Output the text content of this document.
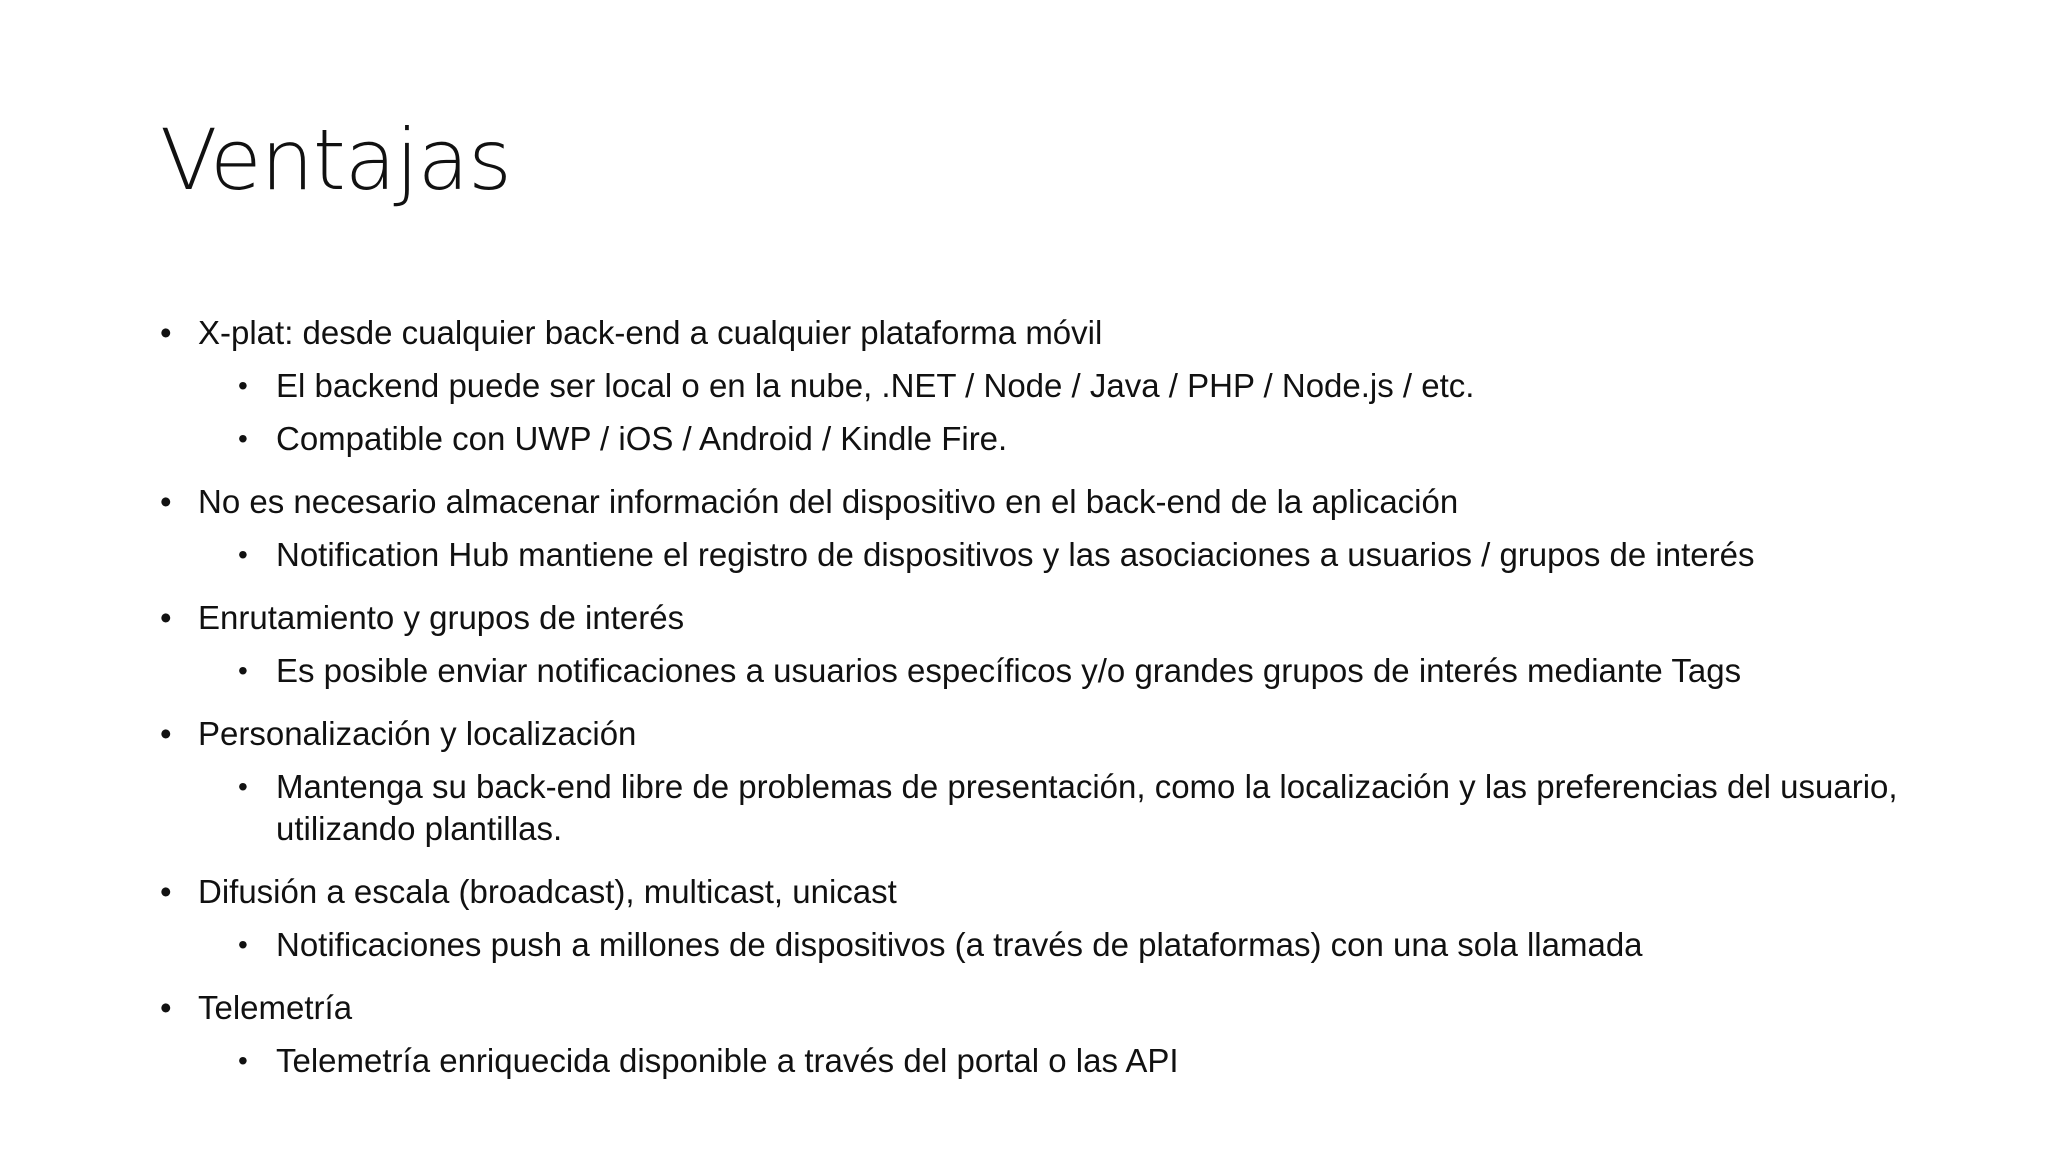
Ventajas
• X-plat: desde cualquier back-end a cualquier plataforma móvil
• El backend puede ser local o en la nube, .NET / Node / Java / PHP / Node.js / etc.
• Compatible con UWP / iOS / Android / Kindle Fire.
• No es necesario almacenar información del dispositivo en el back-end de la aplicación
• Notification Hub mantiene el registro de dispositivos y las asociaciones a usuarios / grupos de interés
• Enrutamiento y grupos de interés
• Es posible enviar notificaciones a usuarios específicos y/o grandes grupos de interés mediante Tags
• Personalización y localización
• Mantenga su back-end libre de problemas de presentación, como la localización y las preferencias del usuario, utilizando plantillas.
• Difusión a escala (broadcast), multicast, unicast
• Notificaciones push a millones de dispositivos (a través de plataformas) con una sola llamada
• Telemetría
• Telemetría enriquecida disponible a través del portal o las API
